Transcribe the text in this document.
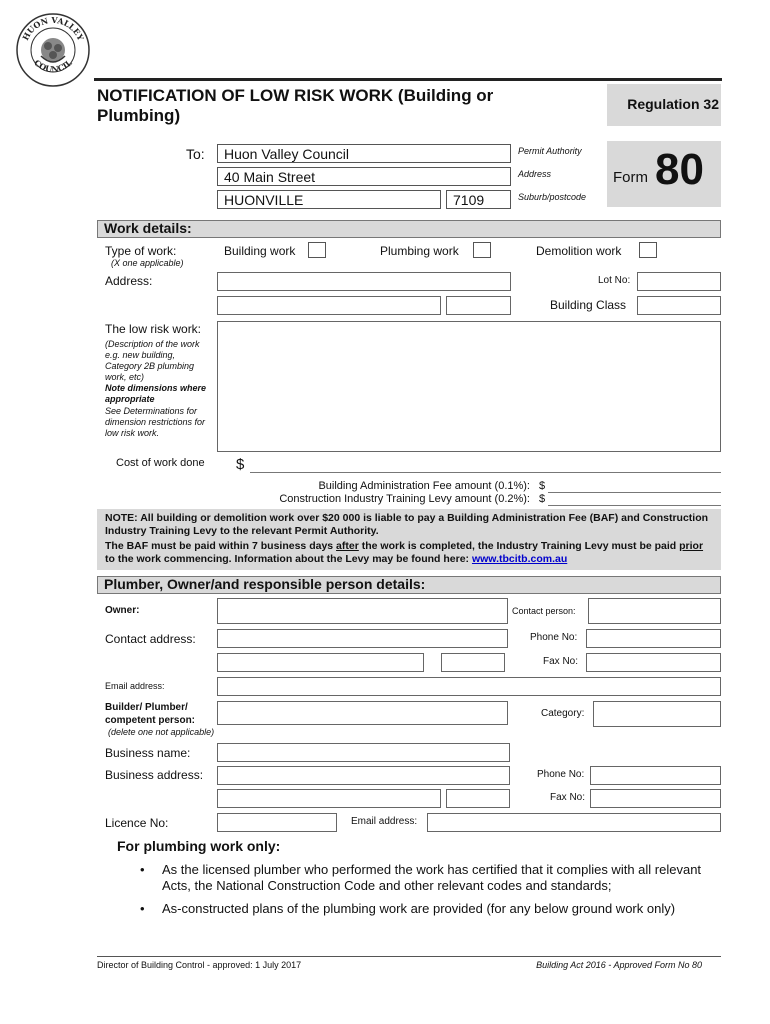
HUON VALLEY
COUNCIL
NOTIFICATION OF LOW RISK WORK (Building or Plumbing)
Regulation 32
Form 80
To: Huon Valley Council	Permit Authority
40 Main Street	Address
HUONVILLE	7109	Suburb/postcode
Work details:
Type of work:
(X one applicable)
Building work	Plumbing work	Demolition work
Address:	Lot No:
Building Class
The low risk work:
(Description of the work e.g. new building, Category 2B plumbing work, etc)
Note dimensions where appropriate
See Determinations for dimension restrictions for low risk work.
Cost of work done $
Building Administration Fee amount (0.1%): $
Construction Industry Training Levy amount (0.2%): $
NOTE: All building or demolition work over $20 000 is liable to pay a Building Administration Fee (BAF) and Construction Industry Training Levy to the relevant Permit Authority.
The BAF must be paid within 7 business days after the work is completed, the Industry Training Levy must be paid prior to the work commencing. Information about the Levy may be found here: www.tbcitb.com.au
Plumber, Owner/and responsible person details:
Owner:	Contact person:
Contact address:	Phone No:
Fax No:
Email address:
Builder/ Plumber/ competent person:
(delete one not applicable)
Category:
Business name:
Business address:	Phone No:
Fax No:
Licence No:	Email address:
For plumbing work only:
• As the licensed plumber who performed the work has certified that it complies with all relevant Acts, the National Construction Code and other relevant codes and standards;
• As-constructed plans of the plumbing work are provided (for any below ground work only)
Director of Building Control - approved: 1 July 2017	Building Act 2016 - Approved Form No 80
